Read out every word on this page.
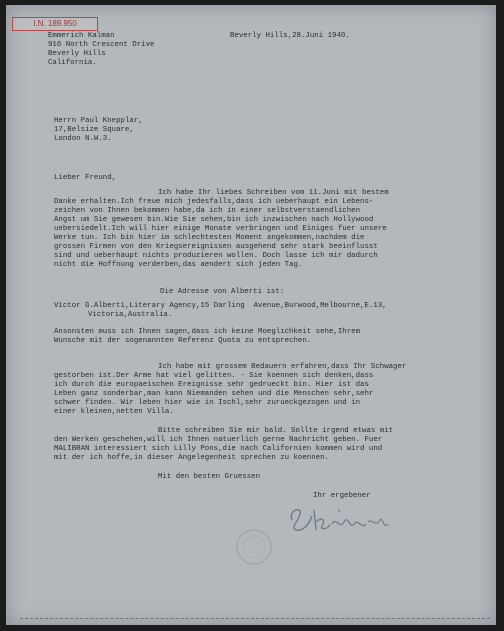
I.N. 189.950
Emmerich Kalman
916 North Crescent Drive
Beverly Hills
California.
Beverly Hills,28.Juni 1940.
Herrn Paul Knepplar,
17,Belsize Square,
London N.W.3.
Lieber Freund,
Ich habe Ihr liebes Schreiben vom 11.Juni mit bestem
Danke erhalten.Ich freue mich jedesfalls,dass ich ueberhaupt ein Lebens-
zeichen von Ihnen bekommen habe,da ich in einer selbstverstaendlichen
Angst um Sie gewesen bin.Wie Sie sehen,bin ich inzwischen nach Hollywood
uebersiedelt.Ich will hier einige Monate verbringen und Einiges fuer unsere
Werke tun. Ich bin hier im schlechtesten Moment angekommen,nachdem die
grossen Firmen von den Kriegsereignissen ausgehend sehr stark beeinflusst
sind und ueberhaupt nichts produzieren wollen. Doch lasse ich mir dadurch
nicht die Hoffnung verderben,das aendert sich jeden Tag.
Die Adresse von Alberti ist:
Victor G.Alberti,Literary Agency,15 Darling  Avenue,Burwood,Melbourne,E.13,
Victoria,Australia.
Ansonsten muss ich Ihnen sagen,dass ich keine Moeglichkeit sehe,Ihrem
Wunsche mit der sogenannten Referenz Quota zu entsprechen.
Ich habe mit grossem Bedauern erfahren,dass Ihr Schwager
gestorben ist.Der Arme hat viel gelitten. - Sie koennen sich denken,dass
ich durch die europaeischen Ereignisse sehr gedrueckt bin. Hier ist das
Leben ganz sonderbar,man kann Niemanden sehen und die Menschen sehr,sehr
schwer finden. Wir leben hier wie in Ischl,sehr zurueckgezogen und in
einer kleinen,netten Villa.
Bitte schreiben Sie mir bald. Sollte irgend etwas mit
den Werken geschehen,will ich Ihnen natuerlich gerne Nachricht geben. Fuer
MALIBRAN interessiert sich Lilly Pons,die nach Californien kommen wird und
mit der ich hoffe,in dieser Angelegenheit sprechen zu koennen.
Mit den besten Gruessen
Ihr ergebener
